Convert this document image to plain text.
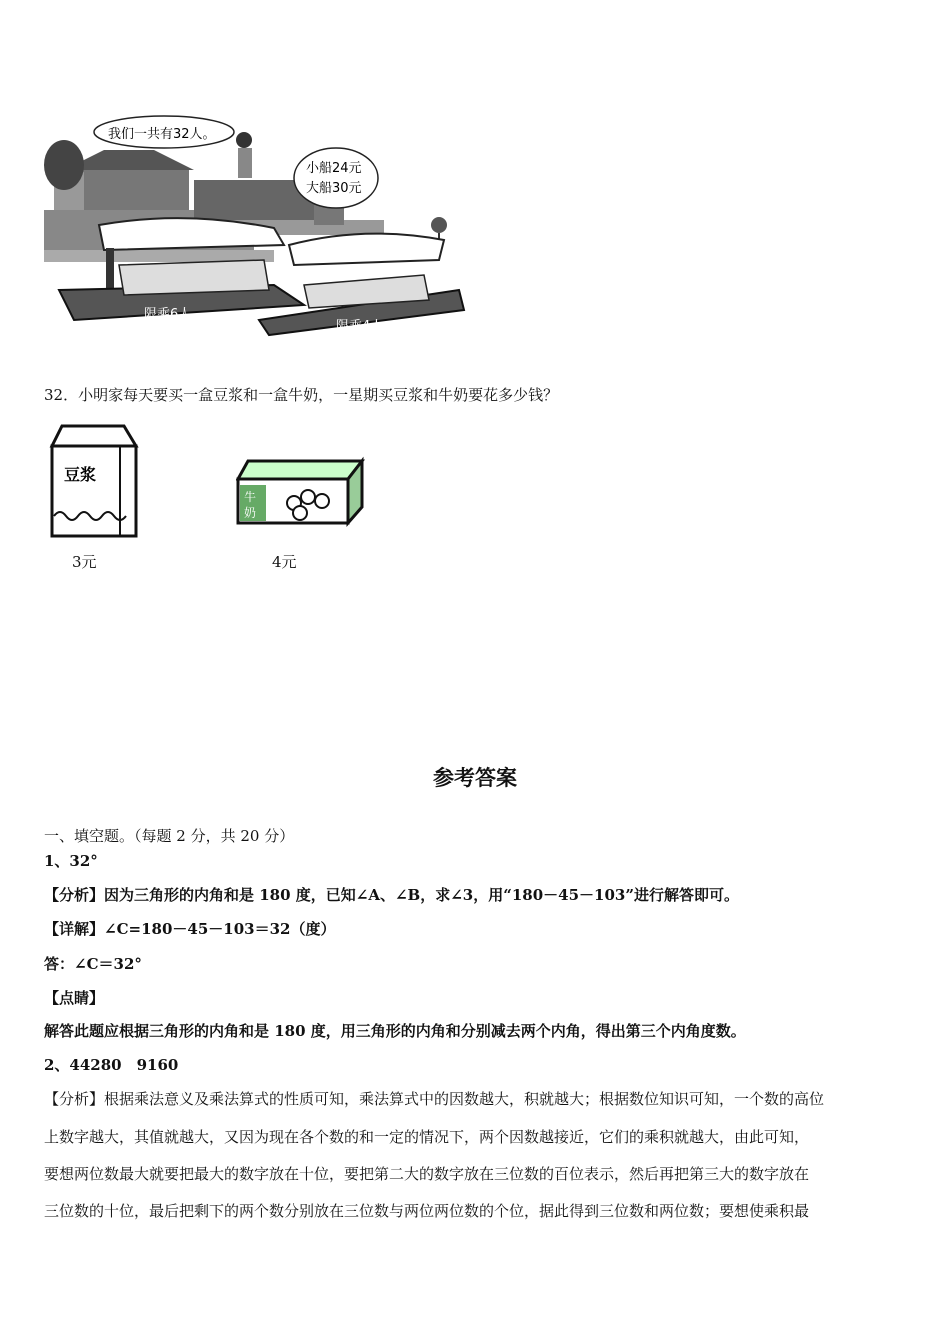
我们一共有32人。
小船24元
大船30元
限乘6人
限乘4人
32．小明家每天要买一盒豆浆和一盒牛奶，一星期买豆浆和牛奶要花多少钱？
豆浆
3元
牛
奶
4元
参考答案
一、填空题。（每题 2 分，共 20 分）
1、32°
【分析】因为三角形的内角和是 180 度，已知∠A、∠B，求∠3，用“180－45－103”进行解答即可。
【详解】∠C=180－45－103＝32（度）
答：∠C＝32°
【点睛】
解答此题应根据三角形的内角和是 180 度，用三角形的内角和分别减去两个内角，得出第三个内角度数。
2、44280　9160
【分析】根据乘法意义及乘法算式的性质可知，乘法算式中的因数越大，积就越大；根据数位知识可知，一个数的高位
上数字越大，其值就越大，又因为现在各个数的和一定的情况下，两个因数越接近，它们的乘积就越大，由此可知，
要想两位数最大就要把最大的数字放在十位，要把第二大的数字放在三位数的百位表示，然后再把第三大的数字放在
三位数的十位，最后把剩下的两个数分别放在三位数与两位两位数的个位，据此得到三位数和两位数；要想使乘积最
